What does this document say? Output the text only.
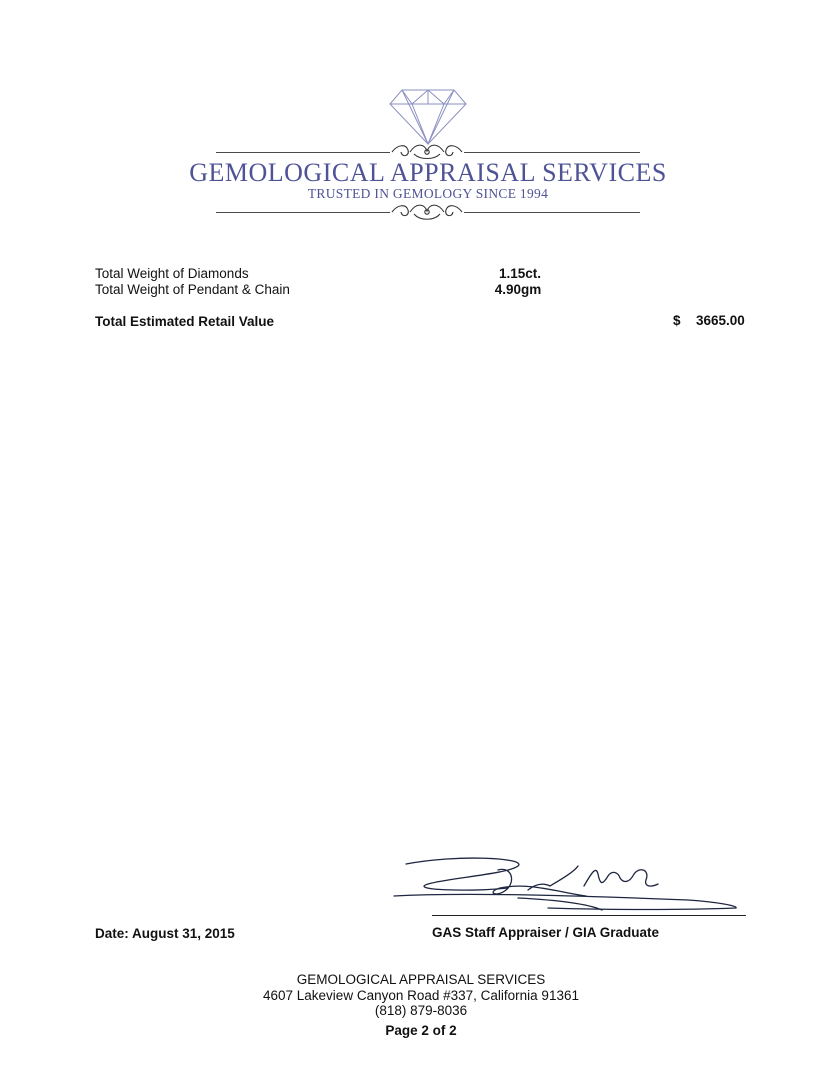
GEMOLOGICAL APPRAISAL SERVICES
TRUSTED IN GEMOLOGY SINCE 1994
Total Weight of Diamonds	1.15ct.
Total Weight of Pendant & Chain	4.90gm
Total Estimated Retail Value	$ 3665.00
Date: August 31, 2015	GAS Staff Appraiser / GIA Graduate
GEMOLOGICAL APPRAISAL SERVICES
4607 Lakeview Canyon Road #337, California 91361
(818) 879-8036
Page 2 of 2
